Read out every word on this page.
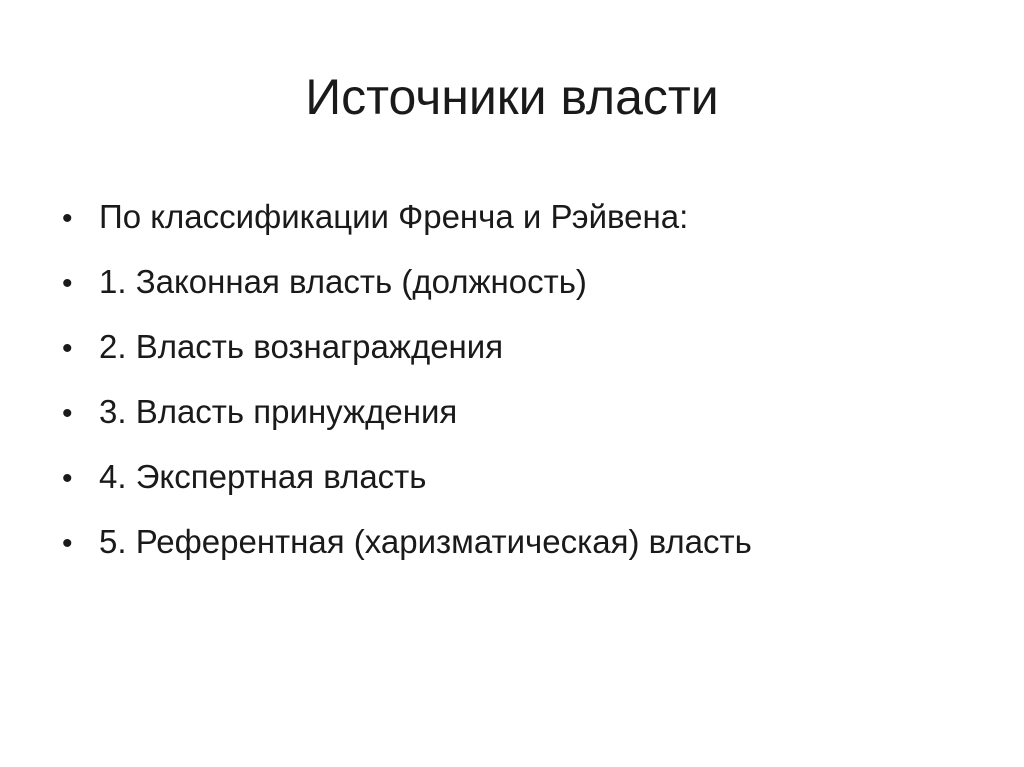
Источники власти
• По классификации Френча и Рэйвена:
• 1. Законная власть (должность)
• 2. Власть вознаграждения
• 3. Власть принуждения
• 4. Экспертная власть
• 5. Референтная (харизматическая) власть
